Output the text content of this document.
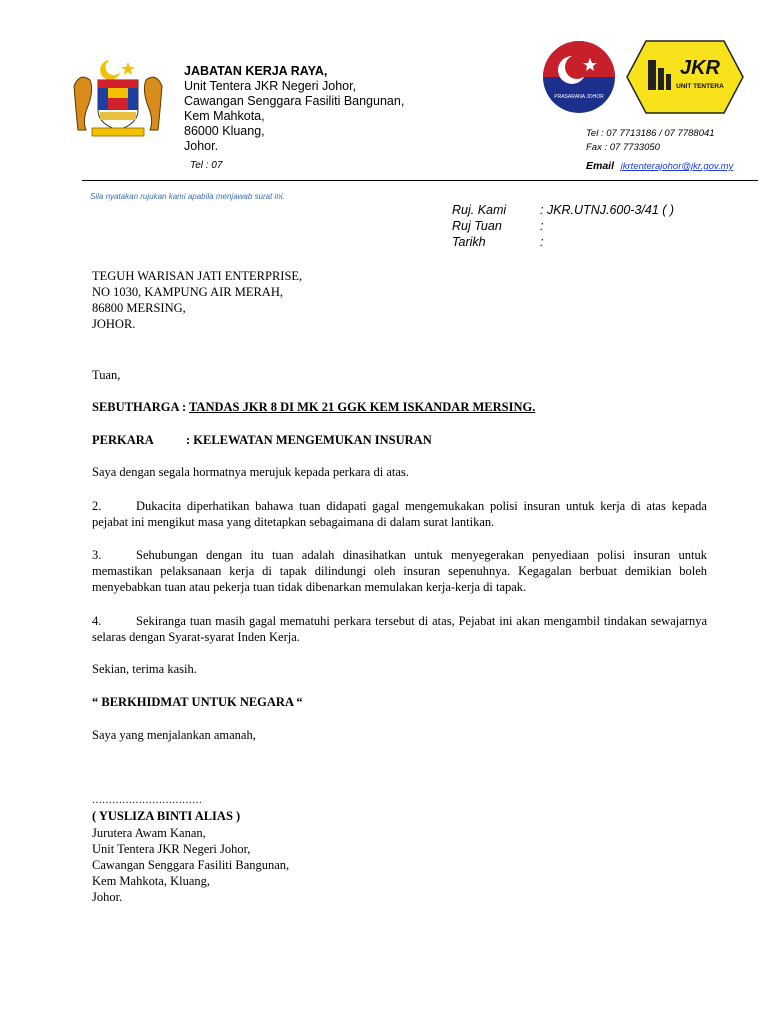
JABATAN KERJA RAYA,
Unit Tentera JKR Negeri Johor,
Cawangan Senggara Fasiliti Bangunan,
Kem Mahkota,
86000 Kluang,
Johor.
Tel : 07
PRASARANA JOHOR
JKR
UNIT TENTERA
Tel : 07 7713186 / 07 7788041
Fax : 07 7733050
Email jkrtenterajohor@jkr.gov.my
Sila nyatakan rujukan kami apabila menjawab surat ini.
Ruj. Kami	: JKR.UTNJ.600-3/41 ( )
Ruj Tuan	:
Tarikh	:
TEGUH WARISAN JATI ENTERPRISE,
NO 1030, KAMPUNG AIR MERAH,
86800 MERSING,
JOHOR.
Tuan,
SEBUTHARGA : TANDAS JKR 8 DI MK 21 GGK KEM ISKANDAR MERSING.
PERKARA	: KELEWATAN MENGEMUKAN INSURAN
Saya dengan segala hormatnya merujuk kepada perkara di atas.
2.	Dukacita diperhatikan bahawa tuan didapati gagal mengemukakan polisi insuran untuk kerja di atas kepada pejabat ini mengikut masa yang ditetapkan sebagaimana di dalam surat lantikan.
3.	Sehubungan dengan itu tuan adalah dinasihatkan untuk menyegerakan penyediaan polisi insuran untuk memastikan pelaksanaan kerja di tapak dilindungi oleh insuran sepenuhnya. Kegagalan berbuat demikian boleh menyebabkan tuan atau pekerja tuan tidak dibenarkan memulakan kerja-kerja di tapak.
4.	Sekiranga tuan masih gagal mematuhi perkara tersebut di atas, Pejabat ini akan mengambil tindakan sewajarnya selaras dengan Syarat-syarat Inden Kerja.
Sekian, terima kasih.
“ BERKHIDMAT UNTUK NEGARA “
Saya yang menjalankan amanah,
……………………………
( YUSLIZA BINTI ALIAS )
Jurutera Awam Kanan,
Unit Tentera JKR Negeri Johor,
Cawangan Senggara Fasiliti Bangunan,
Kem Mahkota, Kluang,
Johor.
